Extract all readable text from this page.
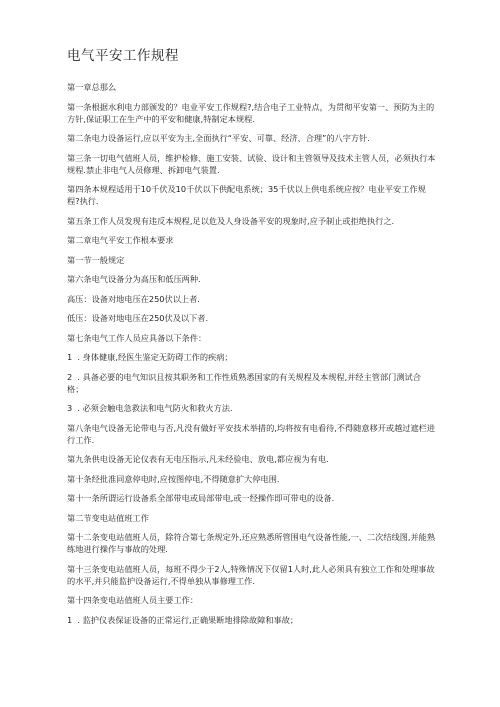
电气平安工作规程

第一章总那么

第一条根据水利电力部颁发的？电业平安工作规程?,结合电子工业特点，为贯彻平安第一、预防为主的方针,保证职工在生产中的平安和健康,特制定本规程.

第二条电力设备运行,应以平安为主,全面执行“平安、可靠、经济、合理”的八字方针.

第三条一切电气值班人员，维护检修、施工安装、试验、设计和主管领导及技术主管人员，必须执行本规程.禁止非电气人员修理、拆卸电气装置.

第四条本规程适用于10千伏及10千伏以下供配电系统；35千伏以上供电系统应按？电业平安工作规程?执行.

第五条工作人员发现有违反本规程,足以危及人身设备平安的现象时,应予制止或拒绝执行之.

第二章电气平安工作根本要求

第一节一般规定

第六条电气设备分为高压和低压两种.

高压：设备对地电压在250伏以上者.

低压：设备对地电压在250伏及以下者.

第七条电气工作人员应具备以下条件：

1  . 身体健康,经医生鉴定无防碍工作的疾病；

2  . 具备必要的电气知识且按其职务和工作性质熟悉国家的有关规程及本规程,并经主管部门测试合格；

3  . 必须会触电急救法和电气防火和救火方法.

第八条电气设备无论带电与否,凡没有做好平安技术举措的,均将按有电看待,不得随意移开或越过遮栏进行工作.

第九条供电设备无论仪表有无电压指示,凡未经验电、放电,都应视为有电.

第十条经批准同意停电时,应按图停电,不得随意扩大停电围.

第十一条所谓运行设备系全部带电或局部带电,或一经操作即可带电的设备.

第二节变电站值班工作

第十二条变电站值班人员，除符合第七条规定外,还应熟悉所管围电气设备性能,一、二次结线图,并能熟练地进行操作与事故的处理.

第十三条变电站值班人员，每班不得少于2人,特殊情况下仅留1人时,此人必须具有独立工作和处理事故的水平,并只能监护设备运行,不得单独从事修理工作.

第十四条变电站值班人员主要工作：

1  . 监护仪表保证设备的正常运行,正确果断地排除故障和事故；
